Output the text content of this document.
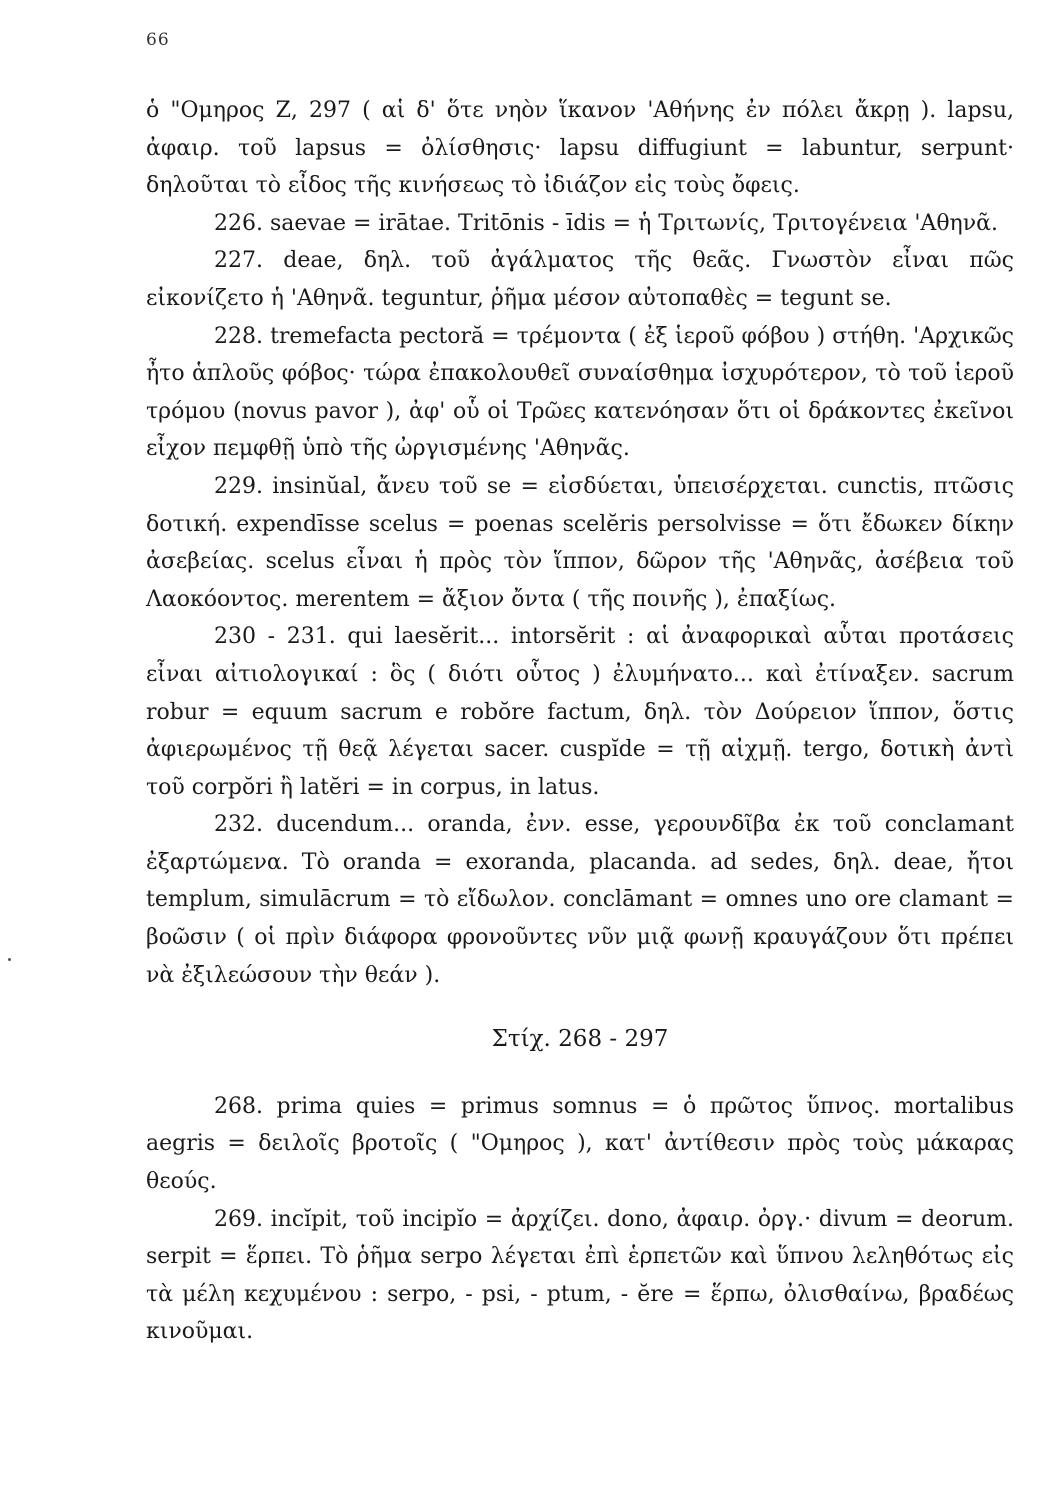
66

ὁ "Ομηρος Ζ, 297 ( αἱ δ' ὅτε νηὸν ἵκανον 'Αθήνης ἐν πόλει ἄκρῃ ). lapsu, ἀφαιρ. τοῦ lapsus = ὀλίσθησις· lapsu diffugiunt = labuntur, serpunt· δηλοῦται τὸ εἶδος τῆς κινήσεως τὸ ἰδιάζον εἰς τοὺς ὄφεις.

226. saevae = irātae. Tritōnis - īdis = ἡ Τριτωνίς, Τριτογένεια 'Αθηνᾶ.

227. deae, δηλ. τοῦ ἀγάλματος τῆς θεᾶς. Γνωστὸν εἶναι πῶς εἰκονίζετο ἡ 'Αθηνᾶ. teguntur, ῥῆμα μέσον αὐτοπαθὲς = tegunt se.

228. tremefacta pectoră = τρέμοντα ( ἐξ ἱεροῦ φόβου ) στήθη. 'Αρχικῶς ἦτο ἁπλοῦς φόβος· τώρα ἐπακολουθεῖ συναίσθημα ἰσχυρότερον, τὸ τοῦ ἱεροῦ τρόμου (novus pavor ), ἀφ' οὗ οἱ Τρῶες κατενόησαν ὅτι οἱ δράκοντες ἐκεῖνοι εἶχον πεμφθῇ ὑπὸ τῆς ὠργισμένης 'Αθηνᾶς.

229. insinŭal, ἄνευ τοῦ se = εἰσδύεται, ὑπεισέρχεται. cunctis, πτῶσις δοτική. expendīsse scelus = poenas scelĕris persolvisse = ὅτι ἔδωκεν δίκην ἀσεβείας. scelus εἶναι ἡ πρὸς τὸν ἵππον, δῶρον τῆς 'Αθηνᾶς, ἀσέβεια τοῦ Λαοκόοντος. merentem = ἄξιον ὄντα ( τῆς ποινῆς ), ἐπαξίως.

230 - 231. qui laesĕrit... intorsĕrit : αἱ ἀναφορικαὶ αὗται προτάσεις εἶναι αἰτιολογικαί : ὃς ( διότι οὗτος ) ἐλυμήνατο... καὶ ἐτίναξεν. sacrum robur = equum sacrum e robŏre factum, δηλ. τὸν Δούρειον ἵππον, ὅστις ἀφιερωμένος τῇ θεᾷ λέγεται sacer. cuspĭde = τῇ αἰχμῇ. tergo, δοτικὴ ἀντὶ τοῦ corpŏri ἢ latĕri = in corpus, in latus.

232. ducendum... oranda, ἐνν. esse, γερουνδῖβα ἐκ τοῦ conclamant ἐξαρτώμενα. Τὸ oranda = exoranda, placanda. ad sedes, δηλ. deae, ἤτοι templum, simulācrum = τὸ εἴδωλον. conclāmant = omnes uno ore clamant = βοῶσιν ( οἱ πρὶν διάφορα φρονοῦντες νῦν μιᾷ φωνῇ κραυγάζουν ὅτι πρέπει νὰ ἐξιλεώσουν τὴν θεάν ).

Στίχ. 268 - 297

268. prima quies = primus somnus = ὁ πρῶτος ὕπνος. mortalibus aegris = δειλοῖς βροτοῖς ( "Ομηρος ), κατ' ἀντίθεσιν πρὸς τοὺς μάκαρας θεούς.

269. incĭpit, τοῦ incipĭo = ἀρχίζει. dono, ἀφαιρ. ὀργ.· divum = deorum. serpit = ἕρπει. Τὸ ῥῆμα serpo λέγεται ἐπὶ ἑρπετῶν καὶ ὕπνου λεληθότως εἰς τὰ μέλη κεχυμένου : serpo, - psi, - ptum, - ĕre = ἕρπω, ὀλισθαίνω, βραδέως κινοῦμαι.
